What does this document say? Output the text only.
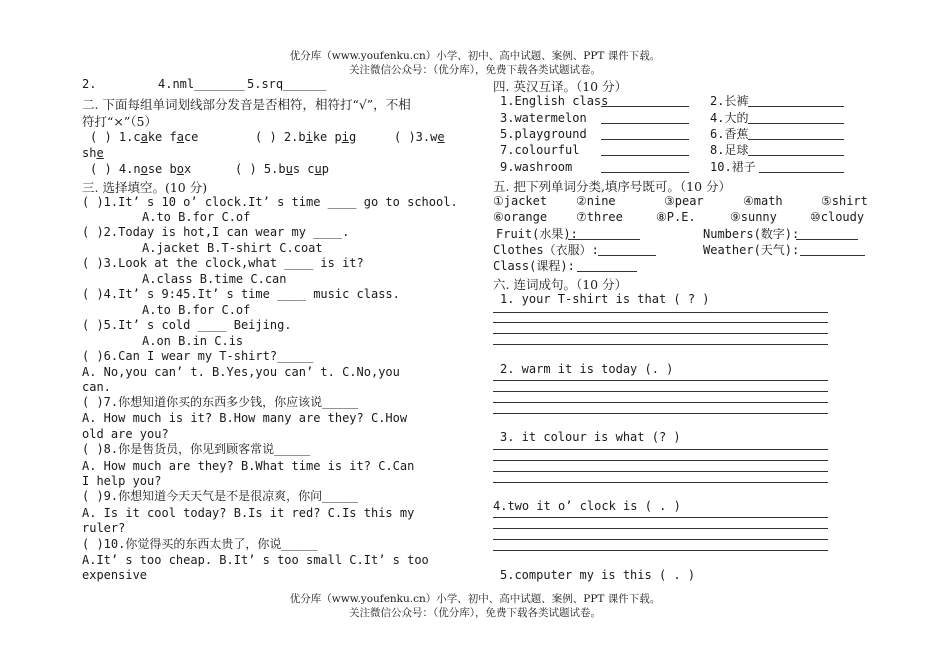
优分库（www.youfenku.cn）小学、初中、高中试题、案例、PPT 课件下载。
关注微信公众号：（优分库），免费下载各类试题试卷。
2.	4.nml_______ 5.srq______
二. 下面每组单词划线部分发音是否相符，相符打“√”，不相
符打“×”（5）
( ) 1.cake face	( ) 2.bike pig	( )3.we
she
( ) 4.nose box	( ) 5.bus cup
三. 选择填空。(10 分)
( )1.It’ s 10 o’ clock.It’ s time ____ go to school.
A.to B.for C.of
( )2.Today is hot,I can wear my ____.
A.jacket B.T-shirt C.coat
( )3.Look at the clock,what ____ is it?
A.class B.time C.can
( )4.It’ s 9:45.It’ s time ____ music class.
A.to B.for C.of
( )5.It’ s cold ____ Beijing.
A.on B.in C.is
( )6.Can I wear my T-shirt?_____
A. No,you can’ t. B.Yes,you can’ t. C.No,you
can.
( )7.你想知道你买的东西多少钱，你应该说_____
A. How much is it? B.How many are they? C.How
old are you?
( )8.你是售货员，你见到顾客常说_____
A. How much are they? B.What time is it? C.Can
I help you?
( )9.你想知道今天天气是不是很凉爽，你问_____
A. Is it cool today? B.Is it red? C.Is this my
ruler?
( )10.你觉得买的东西太贵了，你说_____
A.It’ s too cheap. B.It’ s too small C.It’ s too
expensive
四. 英汉互译。（10 分）
1.English class	2.长裤
3.watermelon	4.大的
5.playground	6.香蕉
7.colourful	8.足球
9.washroom	10.裙子
五. 把下列单词分类,填序号既可。（10 分）
①jacket ②nine	③pear	④math	⑤shirt
⑥orange ⑦three	⑧P.E.	⑨sunny	⑩cloudy
Fruit(水果):	Numbers(数字):
Clothes（衣服）:	Weather(天气):
Class(课程):
六. 连词成句。（10 分）
1. your T-shirt is that ( ? )
2. warm it is today (. )
3. it colour is what (? )
4.two it o’ clock is ( . )
5.computer my is this ( . )
优分库（www.youfenku.cn）小学、初中、高中试题、案例、PPT 课件下载。
关注微信公众号：（优分库），免费下载各类试题试卷。
